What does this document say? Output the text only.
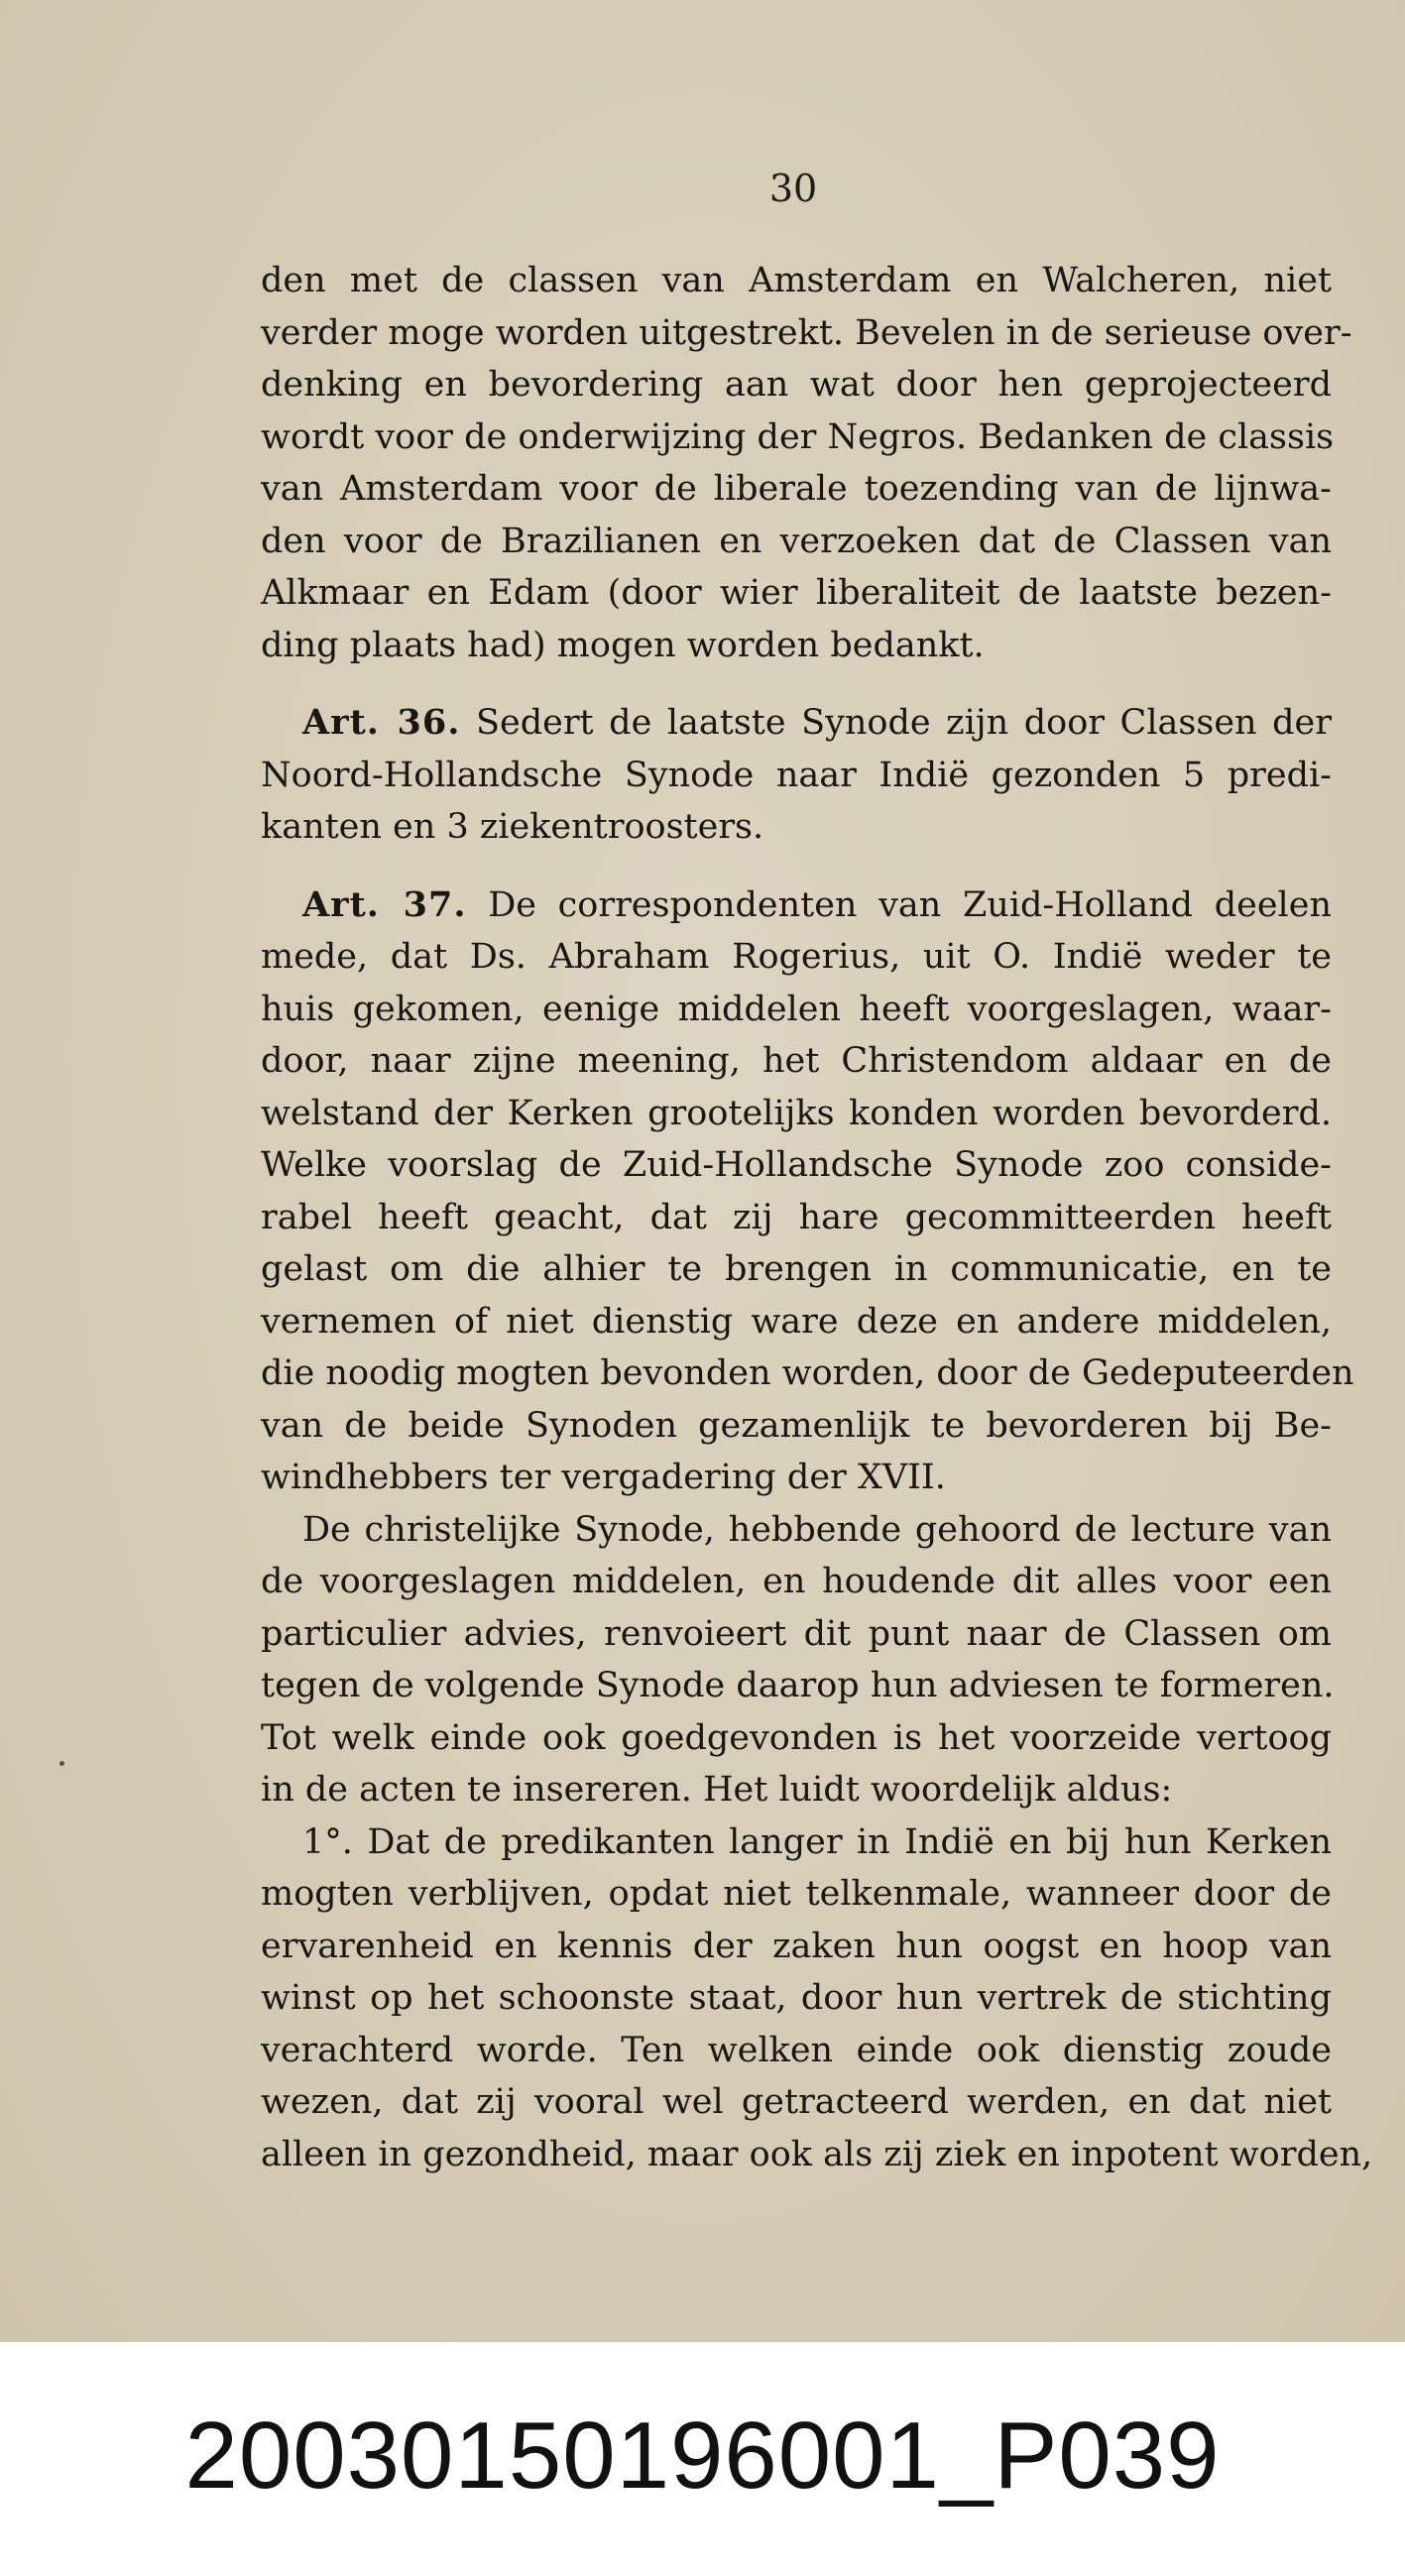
30
den met de classen van Amsterdam en Walcheren, niet
verder moge worden uitgestrekt. Bevelen in de serieuse over-
denking en bevordering aan wat door hen geprojecteerd
wordt voor de onderwijzing der Negros. Bedanken de classis
van Amsterdam voor de liberale toezending van de lijnwa-
den voor de Brazilianen en verzoeken dat de Classen van
Alkmaar en Edam (door wier liberaliteit de laatste bezen-
ding plaats had) mogen worden bedankt.
Art. 36. Sedert de laatste Synode zijn door Classen der
Noord-Hollandsche Synode naar Indië gezonden 5 predi-
kanten en 3 ziekentroosters.
Art. 37. De correspondenten van Zuid-Holland deelen
mede, dat Ds. Abraham Rogerius, uit O. Indië weder te
huis gekomen, eenige middelen heeft voorgeslagen, waar-
door, naar zijne meening, het Christendom aldaar en de
welstand der Kerken grootelijks konden worden bevorderd.
Welke voorslag de Zuid-Hollandsche Synode zoo conside-
rabel heeft geacht, dat zij hare gecommitteerden heeft
gelast om die alhier te brengen in communicatie, en te
vernemen of niet dienstig ware deze en andere middelen,
die noodig mogten bevonden worden, door de Gedeputeerden
van de beide Synoden gezamenlijk te bevorderen bij Be-
windhebbers ter vergadering der XVII.
De christelijke Synode, hebbende gehoord de lecture van
de voorgeslagen middelen, en houdende dit alles voor een
particulier advies, renvoieert dit punt naar de Classen om
tegen de volgende Synode daarop hun adviesen te formeren.
Tot welk einde ook goedgevonden is het voorzeide vertoog
in de acten te insereren. Het luidt woordelijk aldus:
1°. Dat de predikanten langer in Indië en bij hun Kerken
mogten verblijven, opdat niet telkenmale, wanneer door de
ervarenheid en kennis der zaken hun oogst en hoop van
winst op het schoonste staat, door hun vertrek de stichting
verachterd worde. Ten welken einde ook dienstig zoude
wezen, dat zij vooral wel getracteerd werden, en dat niet
alleen in gezondheid, maar ook als zij ziek en inpotent worden,
20030150196001_P039
